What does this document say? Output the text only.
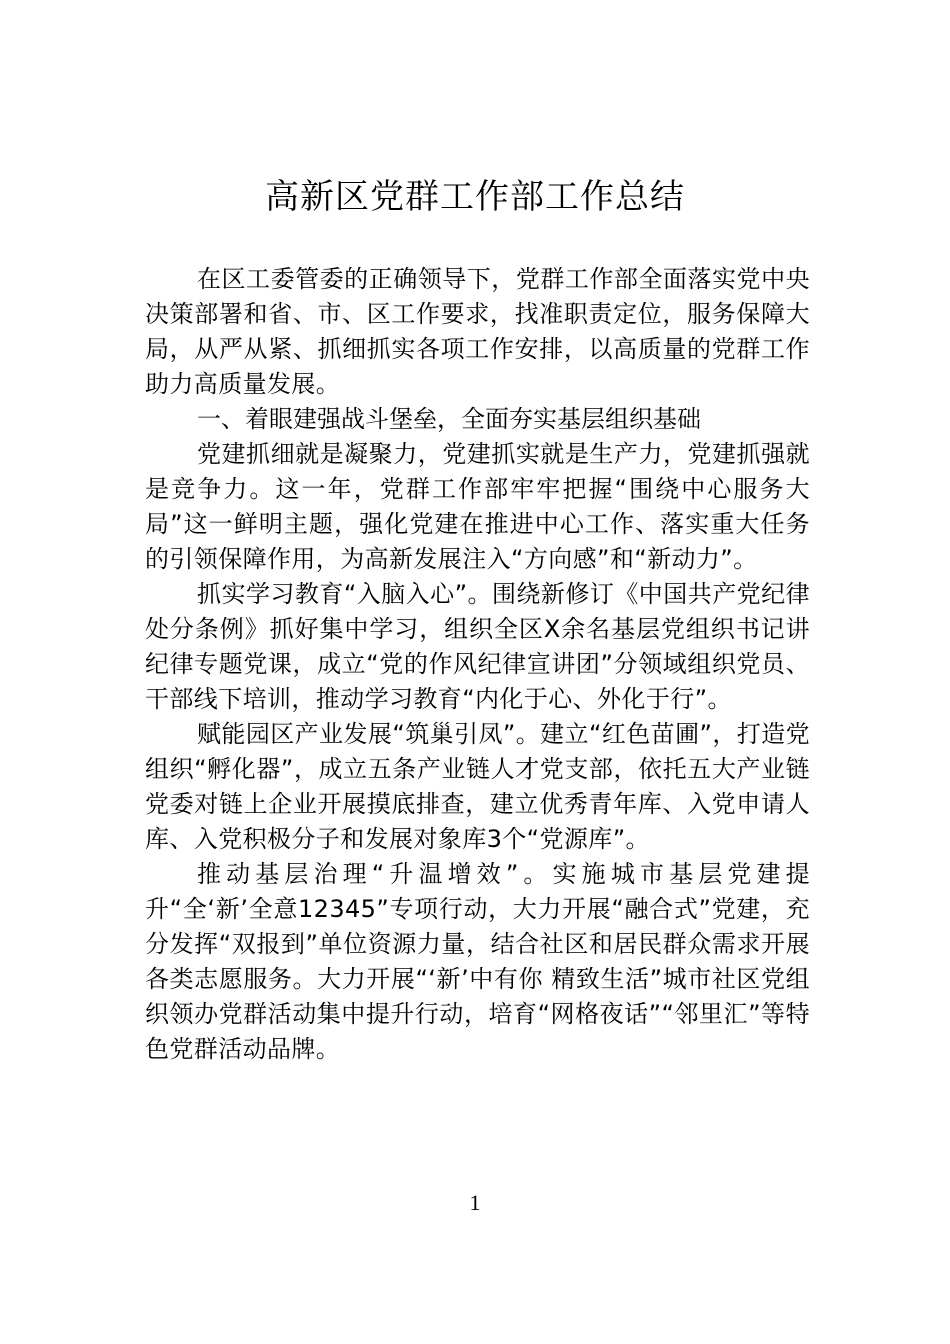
高新区党群工作部工作总结

在区工委管委的正确领导下，党群工作部全面落实党中央决策部署和省、市、区工作要求，找准职责定位，服务保障大局，从严从紧、抓细抓实各项工作安排，以高质量的党群工作助力高质量发展。

一、着眼建强战斗堡垒，全面夯实基层组织基础

党建抓细就是凝聚力，党建抓实就是生产力，党建抓强就是竞争力。这一年，党群工作部牢牢把握“围绕中心服务大局”这一鲜明主题，强化党建在推进中心工作、落实重大任务的引领保障作用，为高新发展注入“方向感”和“新动力”。

抓实学习教育“入脑入心”。围绕新修订《中国共产党纪律处分条例》抓好集中学习，组织全区X余名基层党组织书记讲纪律专题党课，成立“党的作风纪律宣讲团”分领域组织党员、干部线下培训，推动学习教育“内化于心、外化于行”。

赋能园区产业发展“筑巢引凤”。建立“红色苗圃”，打造党组织“孵化器”，成立五条产业链人才党支部，依托五大产业链党委对链上企业开展摸底排查，建立优秀青年库、入党申请人库、入党积极分子和发展对象库3个“党源库”。

推动基层治理“升温增效”。实施城市基层党建提升“全‘新’全意12345”专项行动，大力开展“融合式”党建，充分发挥“双报到”单位资源力量，结合社区和居民群众需求开展各类志愿服务。大力开展“‘新’中有你 精致生活”城市社区党组织领办党群活动集中提升行动，培育“网格夜话”“邻里汇”等特色党群活动品牌。

1
